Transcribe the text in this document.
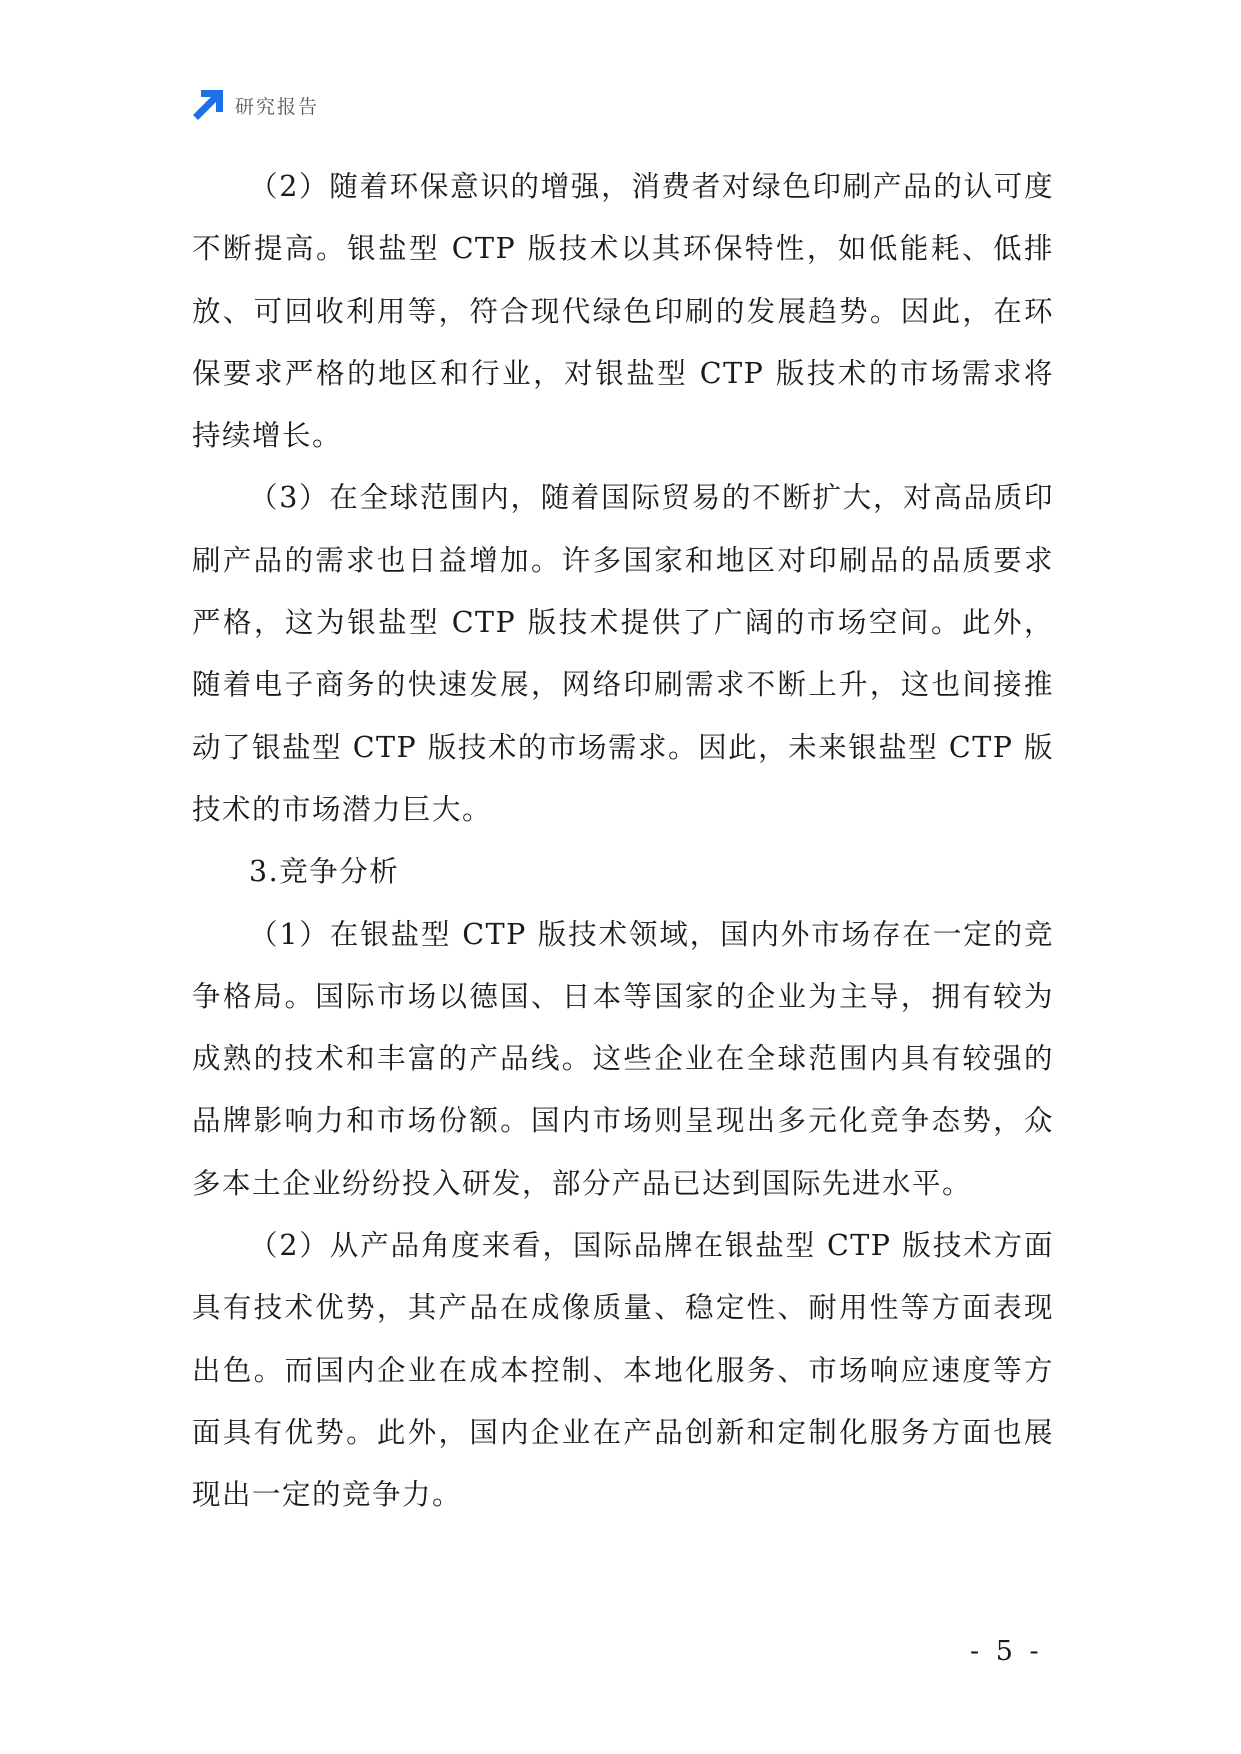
研究报告

（2）随着环保意识的增强，消费者对绿色印刷产品的认可度不断提高。银盐型 CTP 版技术以其环保特性，如低能耗、低排放、可回收利用等，符合现代绿色印刷的发展趋势。因此，在环保要求严格的地区和行业，对银盐型 CTP 版技术的市场需求将持续增长。

（3）在全球范围内，随着国际贸易的不断扩大，对高品质印刷产品的需求也日益增加。许多国家和地区对印刷品的品质要求严格，这为银盐型 CTP 版技术提供了广阔的市场空间。此外，随着电子商务的快速发展，网络印刷需求不断上升，这也间接推动了银盐型 CTP 版技术的市场需求。因此，未来银盐型 CTP 版技术的市场潜力巨大。

3.竞争分析

（1）在银盐型 CTP 版技术领域，国内外市场存在一定的竞争格局。国际市场以德国、日本等国家的企业为主导，拥有较为成熟的技术和丰富的产品线。这些企业在全球范围内具有较强的品牌影响力和市场份额。国内市场则呈现出多元化竞争态势，众多本土企业纷纷投入研发，部分产品已达到国际先进水平。

（2）从产品角度来看，国际品牌在银盐型 CTP 版技术方面具有技术优势，其产品在成像质量、稳定性、耐用性等方面表现出色。而国内企业在成本控制、本地化服务、市场响应速度等方面具有优势。此外，国内企业在产品创新和定制化服务方面也展现出一定的竞争力。

- 5 -
